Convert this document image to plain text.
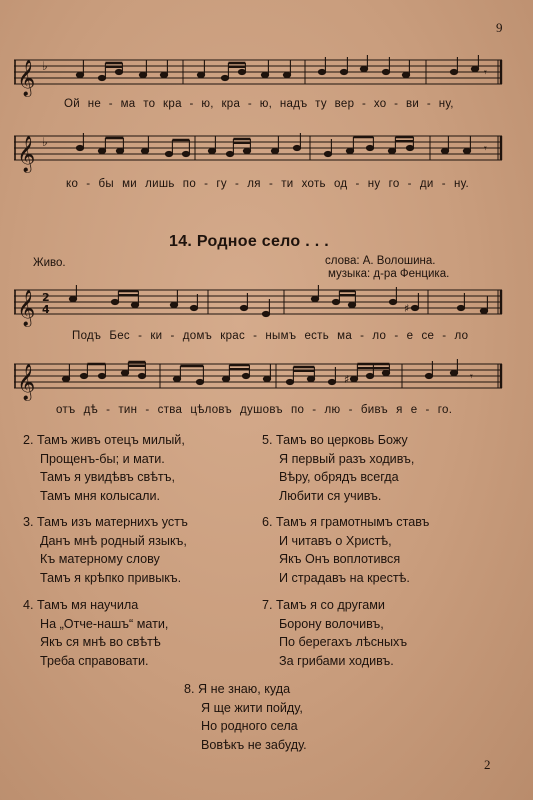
9
𝄞 ♭	𝄾
Ой не - ма то кра - ю, кра - ю, надъ ту вер - хо - ви - ну,
𝄞 ♭	𝄾
ко - бы ми лишь по - гу - ля - ти хоть од - ну го - ди - ну.
14. Родное село . . .
Живо.	слова: А. Волошина.
музыка: д-ра Фенцика.
𝄞 2
4	♯
Подъ Бес - ки - домъ крас - нымъ есть ма - ло - е се - ло
𝄞	♯	𝄾
отъ дѣ - тин - ства цѣловъ душовъ по - лю - бивъ я е - го.
2. Тамъ живъ отецъ милый,
Прощенъ-бы; и мати.
Тамъ я увидѣвъ свѣтъ,
Тамъ мня колысали.
3. Тамъ изъ матернихъ устъ
Данъ мнѣ родный языкъ,
Къ матерному слову
Тамъ я крѣпко привыкъ.
4. Тамъ мя научила
На „Отче-нашъ“ мати,
Якъ ся мнѣ во свѣтѣ
Треба справовати.
5. Тамъ во церковь Божу
Я первый разъ ходивъ,
Вѣру, обрядъ всегда
Любити ся учивъ.
6. Тамъ я грамотнымъ ставъ
И читавъ о Христѣ,
Якъ Онъ воплотився
И страдавъ на крестѣ.
7. Тамъ я со другами
Борону волочивъ,
По берегахъ лѣсныхъ
За грибами ходивъ.
8. Я не знаю, куда
Я ще жити пойду,
Но родного села
Вовѣкъ не забуду.
2
